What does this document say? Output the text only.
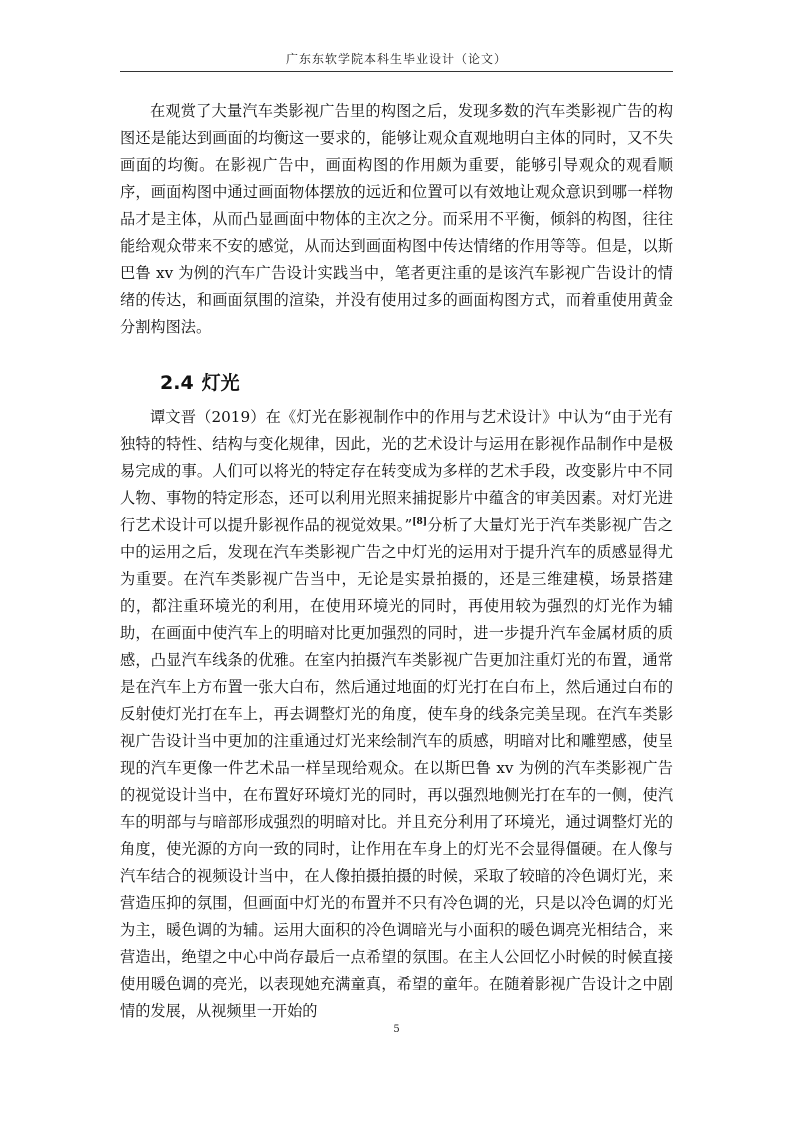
广东东软学院本科生毕业设计（论文）

在观赏了大量汽车类影视广告里的构图之后，发现多数的汽车类影视广告的构图还是能达到画面的均衡这一要求的，能够让观众直观地明白主体的同时，又不失画面的均衡。在影视广告中，画面构图的作用颇为重要，能够引导观众的观看顺序，画面构图中通过画面物体摆放的远近和位置可以有效地让观众意识到哪一样物品才是主体，从而凸显画面中物体的主次之分。而采用不平衡，倾斜的构图，往往能给观众带来不安的感觉，从而达到画面构图中传达情绪的作用等等。但是，以斯巴鲁 xv 为例的汽车广告设计实践当中，笔者更注重的是该汽车影视广告设计的情绪的传达，和画面氛围的渲染，并没有使用过多的画面构图方式，而着重使用黄金分割构图法。

2.4 灯光

谭文晋（2019）在《灯光在影视制作中的作用与艺术设计》中认为“由于光有独特的特性、结构与变化规律，因此，光的艺术设计与运用在影视作品制作中是极易完成的事。人们可以将光的特定存在转变成为多样的艺术手段，改变影片中不同人物、事物的特定形态，还可以利用光照来捕捉影片中蕴含的审美因素。对灯光进行艺术设计可以提升影视作品的视觉效果。”[8]分析了大量灯光于汽车类影视广告之中的运用之后，发现在汽车类影视广告之中灯光的运用对于提升汽车的质感显得尤为重要。在汽车类影视广告当中，无论是实景拍摄的，还是三维建模，场景搭建的，都注重环境光的利用，在使用环境光的同时，再使用较为强烈的灯光作为辅助，在画面中使汽车上的明暗对比更加强烈的同时，进一步提升汽车金属材质的质感，凸显汽车线条的优雅。在室内拍摄汽车类影视广告更加注重灯光的布置，通常是在汽车上方布置一张大白布，然后通过地面的灯光打在白布上，然后通过白布的反射使灯光打在车上，再去调整灯光的角度，使车身的线条完美呈现。在汽车类影视广告设计当中更加的注重通过灯光来绘制汽车的质感，明暗对比和雕塑感，使呈现的汽车更像一件艺术品一样呈现给观众。在以斯巴鲁 xv 为例的汽车类影视广告的视觉设计当中，在布置好环境灯光的同时，再以强烈地侧光打在车的一侧，使汽车的明部与与暗部形成强烈的明暗对比。并且充分利用了环境光，通过调整灯光的角度，使光源的方向一致的同时，让作用在车身上的灯光不会显得僵硬。在人像与汽车结合的视频设计当中，在人像拍摄拍摄的时候，采取了较暗的冷色调灯光，来营造压抑的氛围，但画面中灯光的布置并不只有冷色调的光，只是以冷色调的灯光为主，暖色调的为辅。运用大面积的冷色调暗光与小面积的暖色调亮光相结合，来营造出，绝望之中心中尚存最后一点希望的氛围。在主人公回忆小时候的时候直接使用暖色调的亮光，以表现她充满童真，希望的童年。在随着影视广告设计之中剧情的发展，从视频里一开始的

5
